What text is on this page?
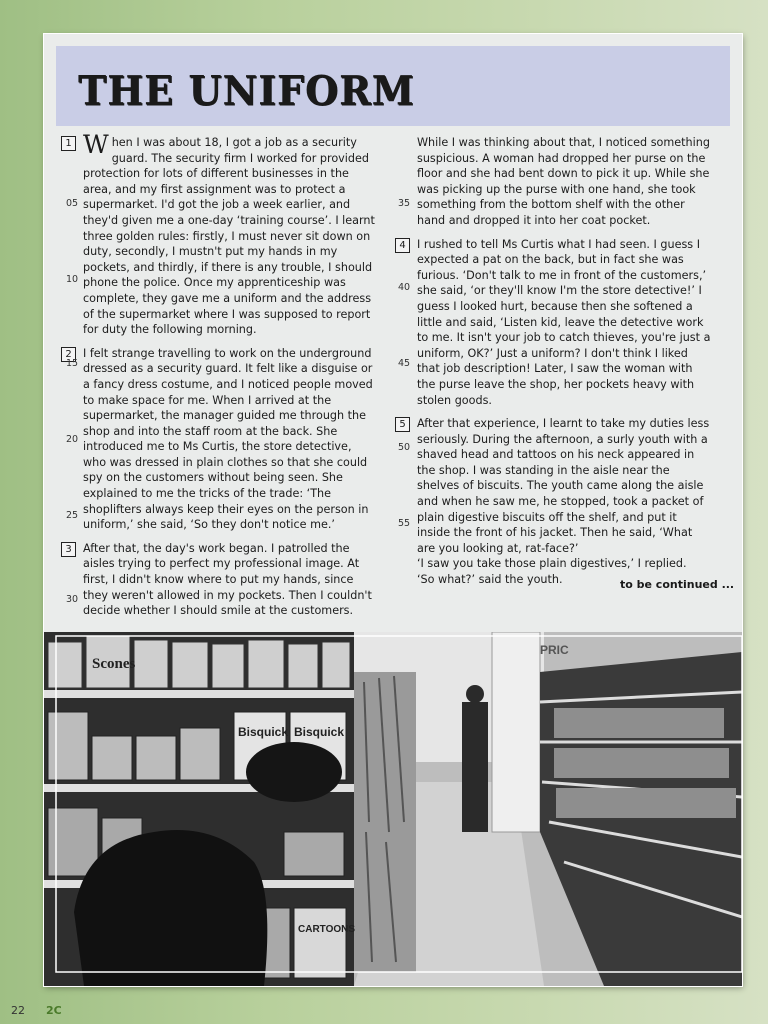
THE UNIFORM
1 When I was about 18, I got a job as a security guard. The security firm I worked for provided protection for lots of different businesses in the area, and my first assignment was to protect a supermarket. I'd got the job a week earlier, and they'd given me a one-day ‘training course’. I learnt three golden rules: firstly, I must never sit down on duty, secondly, I mustn't put my hands in my pockets, and thirdly, if there is any trouble, I should phone the police. Once my apprenticeship was complete, they gave me a uniform and the address of the supermarket where I was supposed to report for duty the following morning.

2	I felt strange travelling to work on the underground dressed as a security guard. It felt like a disguise or a fancy dress costume, and I noticed people moved to make space for me. When I arrived at the supermarket, the manager guided me through the shop and into the staff room at the back. She introduced me to Ms Curtis, the store detective, who was dressed in plain clothes so that she could spy on the customers without being seen. She explained to me the tricks of the trade: ‘The shoplifters always keep their eyes on the person in uniform,’ she said, ‘So they don't notice me.’

3	After that, the day's work began. I patrolled the aisles trying to perfect my professional image. At first, I didn't know where to put my hands, since they weren't allowed in my pockets. Then I couldn't decide whether I should smile at the customers.

While I was thinking about that, I noticed something suspicious. A woman had dropped her purse on the floor and she had bent down to pick it up. While she was picking up the purse with one hand, she took something from the bottom shelf with the other hand and dropped it into her coat pocket.

4	I rushed to tell Ms Curtis what I had seen. I guess I expected a pat on the back, but in fact she was furious. ‘Don't talk to me in front of the customers,’ she said, ‘or they'll know I'm the store detective!’ I guess I looked hurt, because then she softened a little and said, ‘Listen kid, leave the detective work to me. It isn't your job to catch thieves, you're just a uniform, OK?’ Just a uniform? I don't think I liked that job description! Later, I saw the woman with the purse leave the shop, her pockets heavy with stolen goods.

5	After that experience, I learnt to take my duties less seriously. During the afternoon, a surly youth with a shaved head and tattoos on his neck appeared in the shop. I was standing in the aisle near the shelves of biscuits. The youth came along the aisle and when he saw me, he stopped, took a packet of plain digestive biscuits off the shelf, and put it inside the front of his jacket. Then he said, ‘What are you looking at, rat-face?’

‘I saw you take those plain digestives,’ I replied.

‘So what?’ said the youth.

05
10
15
20
25
30
35
40
45
50
55
to be continued ...
Scones
Bisquick Bisquick
CARTOONS
PRIC
22 2C
